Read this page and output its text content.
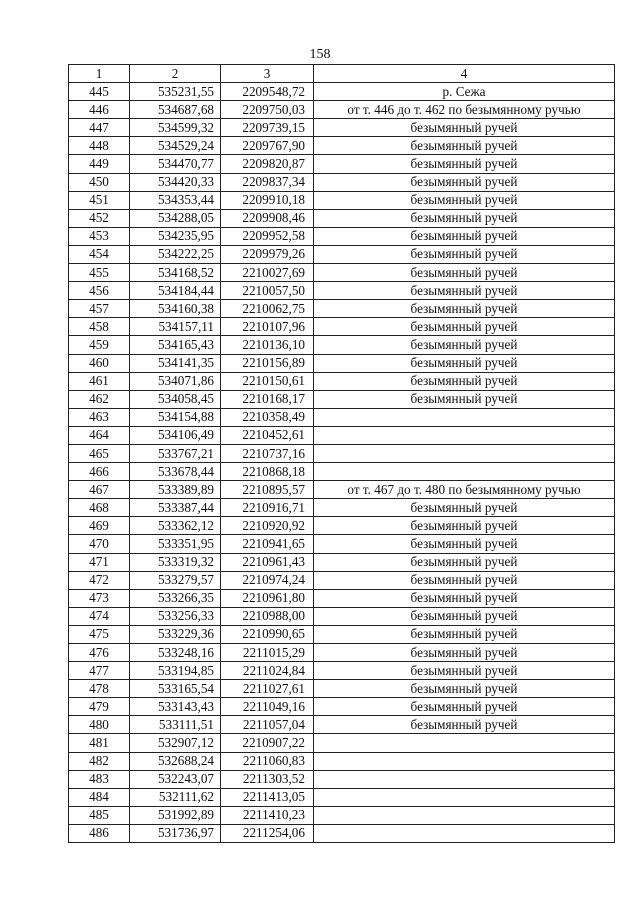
158
1	2	3	4
445	535231,55	2209548,72	р. Сежа
446	534687,68	2209750,03	от т. 446 до т. 462 по безымянному ручью
447	534599,32	2209739,15	безымянный ручей
448	534529,24	2209767,90	безымянный ручей
449	534470,77	2209820,87	безымянный ручей
450	534420,33	2209837,34	безымянный ручей
451	534353,44	2209910,18	безымянный ручей
452	534288,05	2209908,46	безымянный ручей
453	534235,95	2209952,58	безымянный ручей
454	534222,25	2209979,26	безымянный ручей
455	534168,52	2210027,69	безымянный ручей
456	534184,44	2210057,50	безымянный ручей
457	534160,38	2210062,75	безымянный ручей
458	534157,11	2210107,96	безымянный ручей
459	534165,43	2210136,10	безымянный ручей
460	534141,35	2210156,89	безымянный ручей
461	534071,86	2210150,61	безымянный ручей
462	534058,45	2210168,17	безымянный ручей
463	534154,88	2210358,49	
464	534106,49	2210452,61	
465	533767,21	2210737,16	
466	533678,44	2210868,18	
467	533389,89	2210895,57	от т. 467 до т. 480 по безымянному ручью
468	533387,44	2210916,71	безымянный ручей
469	533362,12	2210920,92	безымянный ручей
470	533351,95	2210941,65	безымянный ручей
471	533319,32	2210961,43	безымянный ручей
472	533279,57	2210974,24	безымянный ручей
473	533266,35	2210961,80	безымянный ручей
474	533256,33	2210988,00	безымянный ручей
475	533229,36	2210990,65	безымянный ручей
476	533248,16	2211015,29	безымянный ручей
477	533194,85	2211024,84	безымянный ручей
478	533165,54	2211027,61	безымянный ручей
479	533143,43	2211049,16	безымянный ручей
480	533111,51	2211057,04	безымянный ручей
481	532907,12	2210907,22	
482	532688,24	2211060,83	
483	532243,07	2211303,52	
484	532111,62	2211413,05	
485	531992,89	2211410,23	
486	531736,97	2211254,06	
